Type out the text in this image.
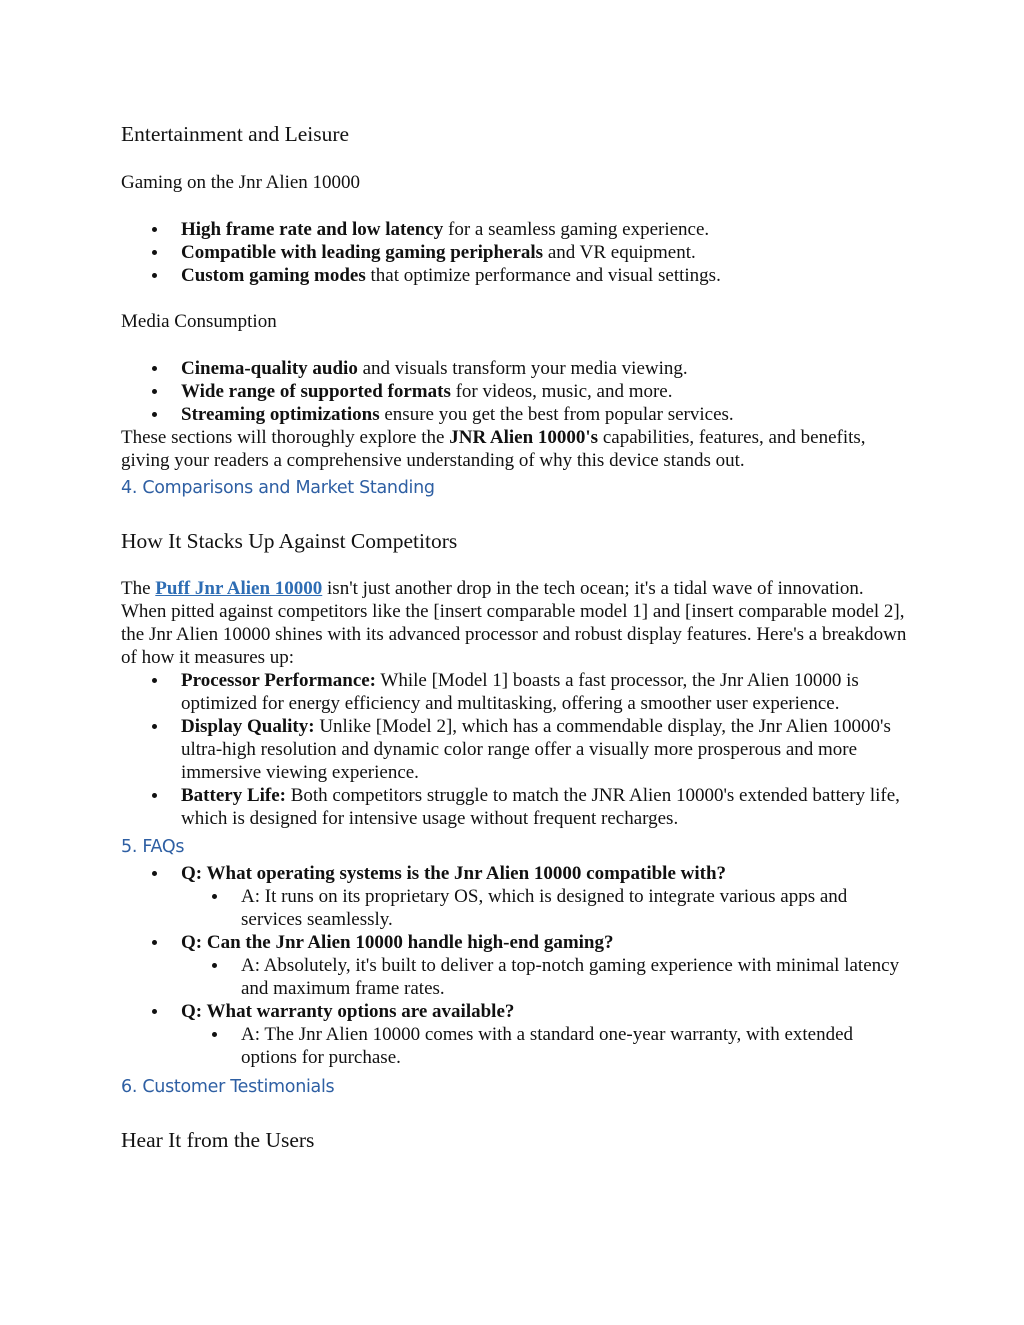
Entertainment and Leisure
Gaming on the Jnr Alien 10000
High frame rate and low latency for a seamless gaming experience.
Compatible with leading gaming peripherals and VR equipment.
Custom gaming modes that optimize performance and visual settings.
Media Consumption
Cinema-quality audio and visuals transform your media viewing.
Wide range of supported formats for videos, music, and more.
Streaming optimizations ensure you get the best from popular services.

These sections will thoroughly explore the JNR Alien 10000's capabilities, features, and benefits, giving your readers a comprehensive understanding of why this device stands out.

4. Comparisons and Market Standing
How It Stacks Up Against Competitors

The Puff Jnr Alien 10000 isn't just another drop in the tech ocean; it's a tidal wave of innovation. When pitted against competitors like the [insert comparable model 1] and [insert comparable model 2], the Jnr Alien 10000 shines with its advanced processor and robust display features. Here's a breakdown of how it measures up:

Processor Performance: While [Model 1] boasts a fast processor, the Jnr Alien 10000 is optimized for energy efficiency and multitasking, offering a smoother user experience.
Display Quality: Unlike [Model 2], which has a commendable display, the Jnr Alien 10000's ultra-high resolution and dynamic color range offer a visually more prosperous and more immersive viewing experience.
Battery Life: Both competitors struggle to match the JNR Alien 10000's extended battery life, which is designed for intensive usage without frequent recharges.
5. FAQs
Q: What operating systems is the Jnr Alien 10000 compatible with?
A: It runs on its proprietary OS, which is designed to integrate various apps and services seamlessly.
Q: Can the Jnr Alien 10000 handle high-end gaming?
A: Absolutely, it's built to deliver a top-notch gaming experience with minimal latency and maximum frame rates.
Q: What warranty options are available?
A: The Jnr Alien 10000 comes with a standard one-year warranty, with extended options for purchase.
6. Customer Testimonials
Hear It from the Users
